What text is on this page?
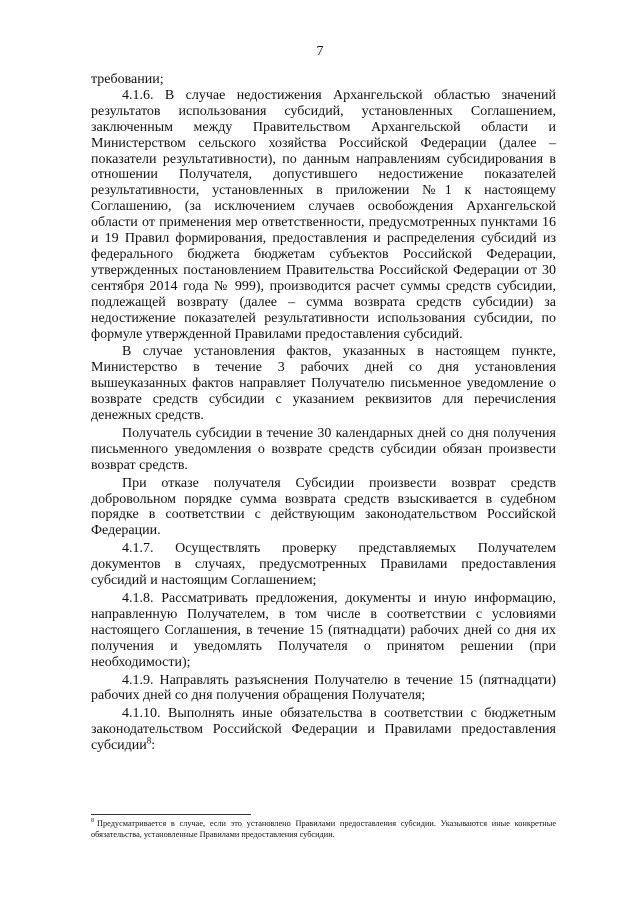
7

требовании;

4.1.6. В случае недостижения Архангельской областью значений результатов использования субсидий, установленных Соглашением, заключенным между Правительством Архангельской области и Министерством сельского хозяйства Российской Федерации (далее – показатели результативности), по данным направлениям субсидирования в отношении Получателя, допустившего недостижение показателей результативности, установленных в приложении №1 к настоящему Соглашению, (за исключением случаев освобождения Архангельской области от применения мер ответственности, предусмотренных пунктами 16 и 19 Правил формирования, предоставления и распределения субсидий из федерального бюджета бюджетам субъектов Российской Федерации, утвержденных постановлением Правительства Российской Федерации от 30 сентября 2014 года № 999), производится расчет суммы средств субсидии, подлежащей возврату (далее – сумма возврата средств субсидии) за недостижение показателей результативности использования субсидии, по формуле утвержденной Правилами предоставления субсидий.

В случае установления фактов, указанных в настоящем пункте, Министерство в течение 3 рабочих дней со дня установления вышеуказанных фактов направляет Получателю письменное уведомление о возврате средств субсидии с указанием реквизитов для перечисления денежных средств.

Получатель субсидии в течение 30 календарных дней со дня получения письменного уведомления о возврате средств субсидии обязан произвести возврат средств.

При отказе получателя Субсидии произвести возврат средств добровольном порядке сумма возврата средств взыскивается в судебном порядке в соответствии с действующим законодательством Российской Федерации.

4.1.7. Осуществлять проверку представляемых Получателем документов в случаях, предусмотренных Правилами предоставления субсидий и настоящим Соглашением;

4.1.8. Рассматривать предложения, документы и иную информацию, направленную Получателем, в том числе в соответствии с условиями настоящего Соглашения, в течение 15 (пятнадцати) рабочих дней со дня их получения и уведомлять Получателя о принятом решении (при необходимости);

4.1.9. Направлять разъяснения Получателю в течение 15 (пятнадцати) рабочих дней со дня получения обращения Получателя;

4.1.10. Выполнять иные обязательства в соответствии с бюджетным законодательством Российской Федерации и Правилами предоставления субсидии$^8$:

$^8$ Предусматривается в случае, если это установлено Правилами предоставления субсидии. Указываются иные конкретные обязательства, установленные Правилами предоставления субсидии.
